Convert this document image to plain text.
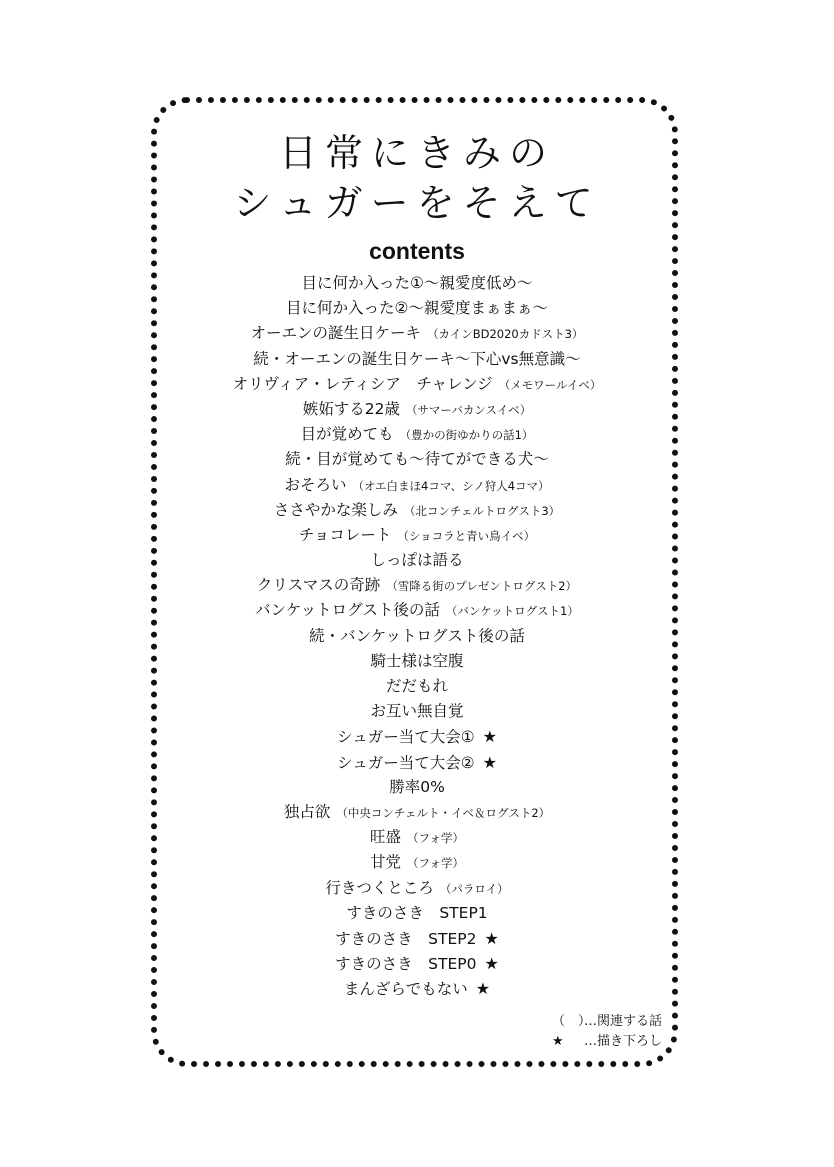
日常にきみの
シュガーをそえて
contents
目に何か入った①～親愛度低め～
目に何か入った②～親愛度まぁまぁ～
オーエンの誕生日ケーキ （カインBD2020カドスト3）
続・オーエンの誕生日ケーキ～下心vs無意識～
オリヴィア・レティシア　チャレンジ （メモワールイベ）
嫉妬する22歳 （サマーバカンスイベ）
目が覚めても （豊かの街ゆかりの話1）
続・目が覚めても～待てができる犬～
おそろい （オエ白まほ4コマ、シノ狩人4コマ）
ささやかな楽しみ （北コンチェルトログスト3）
チョコレート （ショコラと青い鳥イベ）
しっぽは語る
クリスマスの奇跡 （雪降る街のプレゼントログスト2）
バンケットログスト後の話 （バンケットログスト1）
続・バンケットログスト後の話
騎士様は空腹
だだもれ
お互い無自覚
シュガー当て大会① ★
シュガー当て大会② ★
勝率0%
独占欲 （中央コンチェルト・イベ＆ログスト2）
旺盛 （フォ学）
甘党 （フォ学）
行きつくところ （パラロイ）
すきのさき　STEP1
すきのさき　STEP2 ★
すきのさき　STEP0 ★
まんざらでもない ★
（　）…関連する話
★ …描き下ろし
